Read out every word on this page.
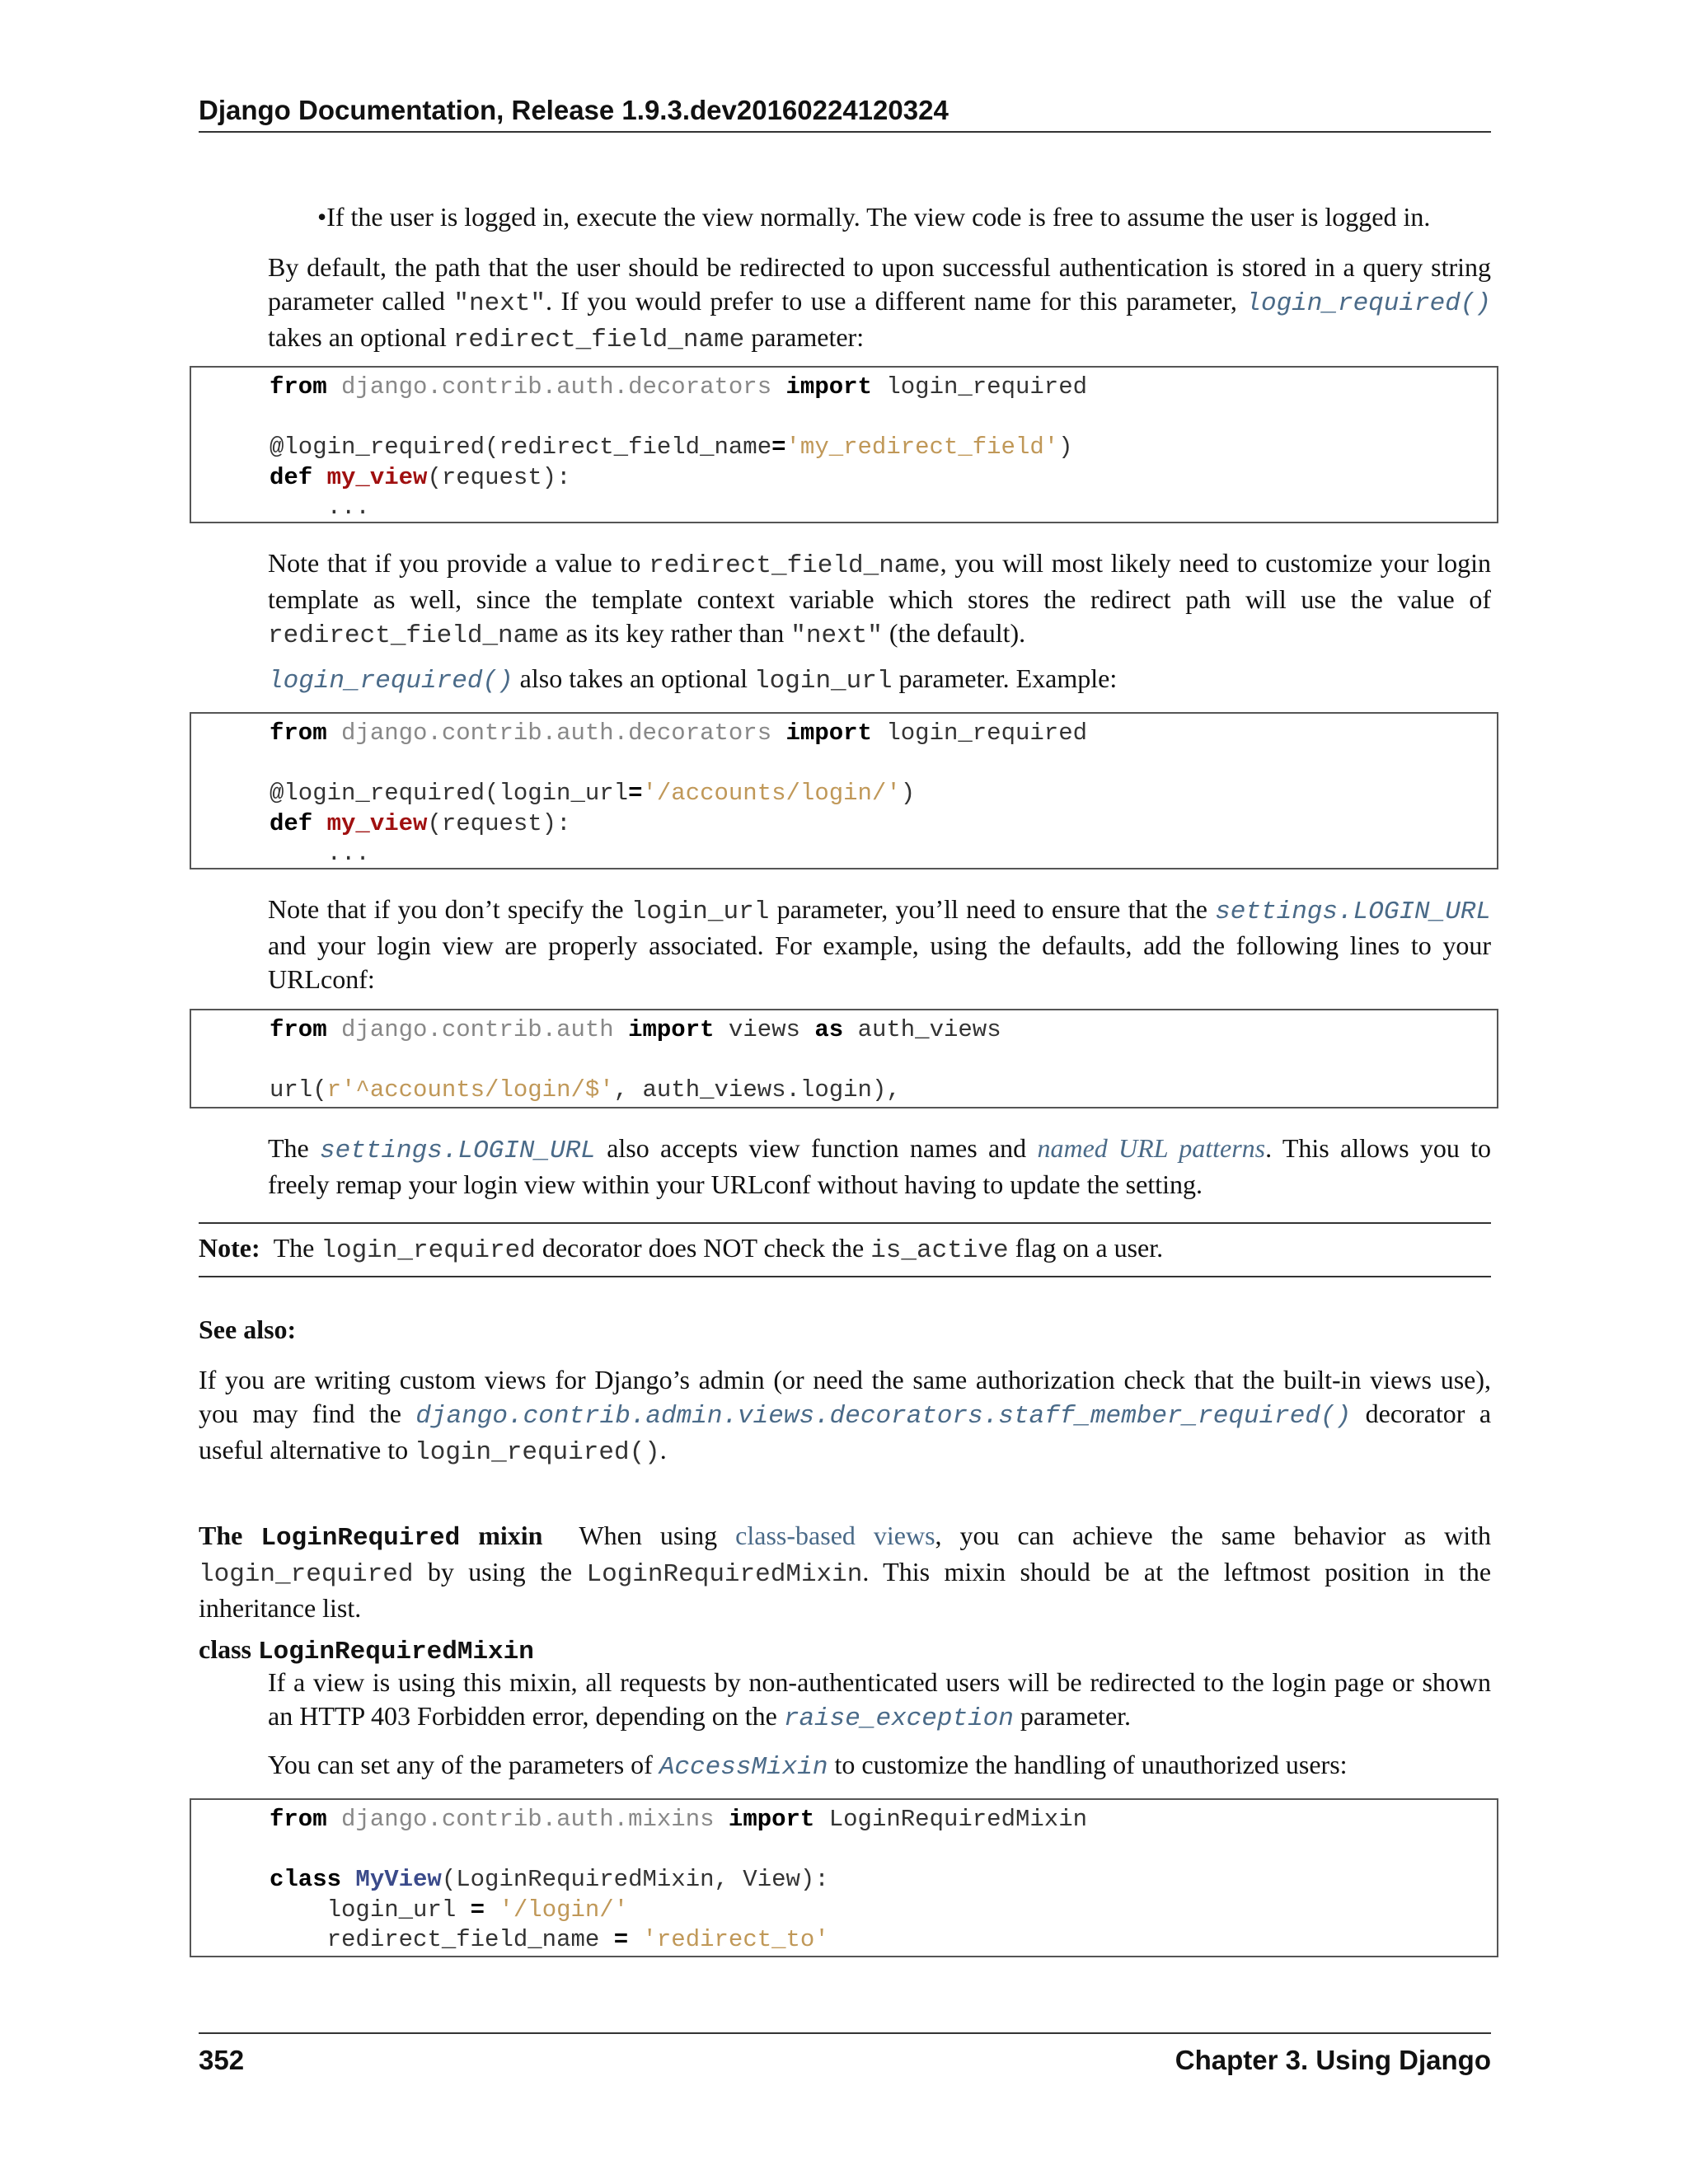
Django Documentation, Release 1.9.3.dev20160224120324
•If the user is logged in, execute the view normally. The view code is free to assume the user is logged in.
By default, the path that the user should be redirected to upon successful authentication is stored in a query string parameter called "next". If you would prefer to use a different name for this parameter, login_required() takes an optional redirect_field_name parameter:
from django.contrib.auth.decorators import login_required

@login_required(redirect_field_name='my_redirect_field')
def my_view(request):
...
Note that if you provide a value to redirect_field_name, you will most likely need to customize your login template as well, since the template context variable which stores the redirect path will use the value of redirect_field_name as its key rather than "next" (the default).
login_required() also takes an optional login_url parameter. Example:
from django.contrib.auth.decorators import login_required

@login_required(login_url='/accounts/login/')
def my_view(request):
...
Note that if you don’t specify the login_url parameter, you’ll need to ensure that the settings.LOGIN_URL and your login view are properly associated. For example, using the defaults, add the following lines to your URLconf:
from django.contrib.auth import views as auth_views

url(r'^accounts/login/$', auth_views.login),
The settings.LOGIN_URL also accepts view function names and named URL patterns. This allows you to freely remap your login view within your URLconf without having to update the setting.
Note: The login_required decorator does NOT check the is_active flag on a user.
See also:
If you are writing custom views for Django’s admin (or need the same authorization check that the built-in views use), you may find the django.contrib.admin.views.decorators.staff_member_required() decorator a useful alternative to login_required().
The LoginRequired mixin When using class-based views, you can achieve the same behavior as with login_required by using the LoginRequiredMixin. This mixin should be at the leftmost position in the inheritance list.
class LoginRequiredMixin
If a view is using this mixin, all requests by non-authenticated users will be redirected to the login page or shown an HTTP 403 Forbidden error, depending on the raise_exception parameter.
You can set any of the parameters of AccessMixin to customize the handling of unauthorized users:
from django.contrib.auth.mixins import LoginRequiredMixin

class MyView(LoginRequiredMixin, View):
login_url = '/login/'
redirect_field_name = 'redirect_to'
352	Chapter 3. Using Django
